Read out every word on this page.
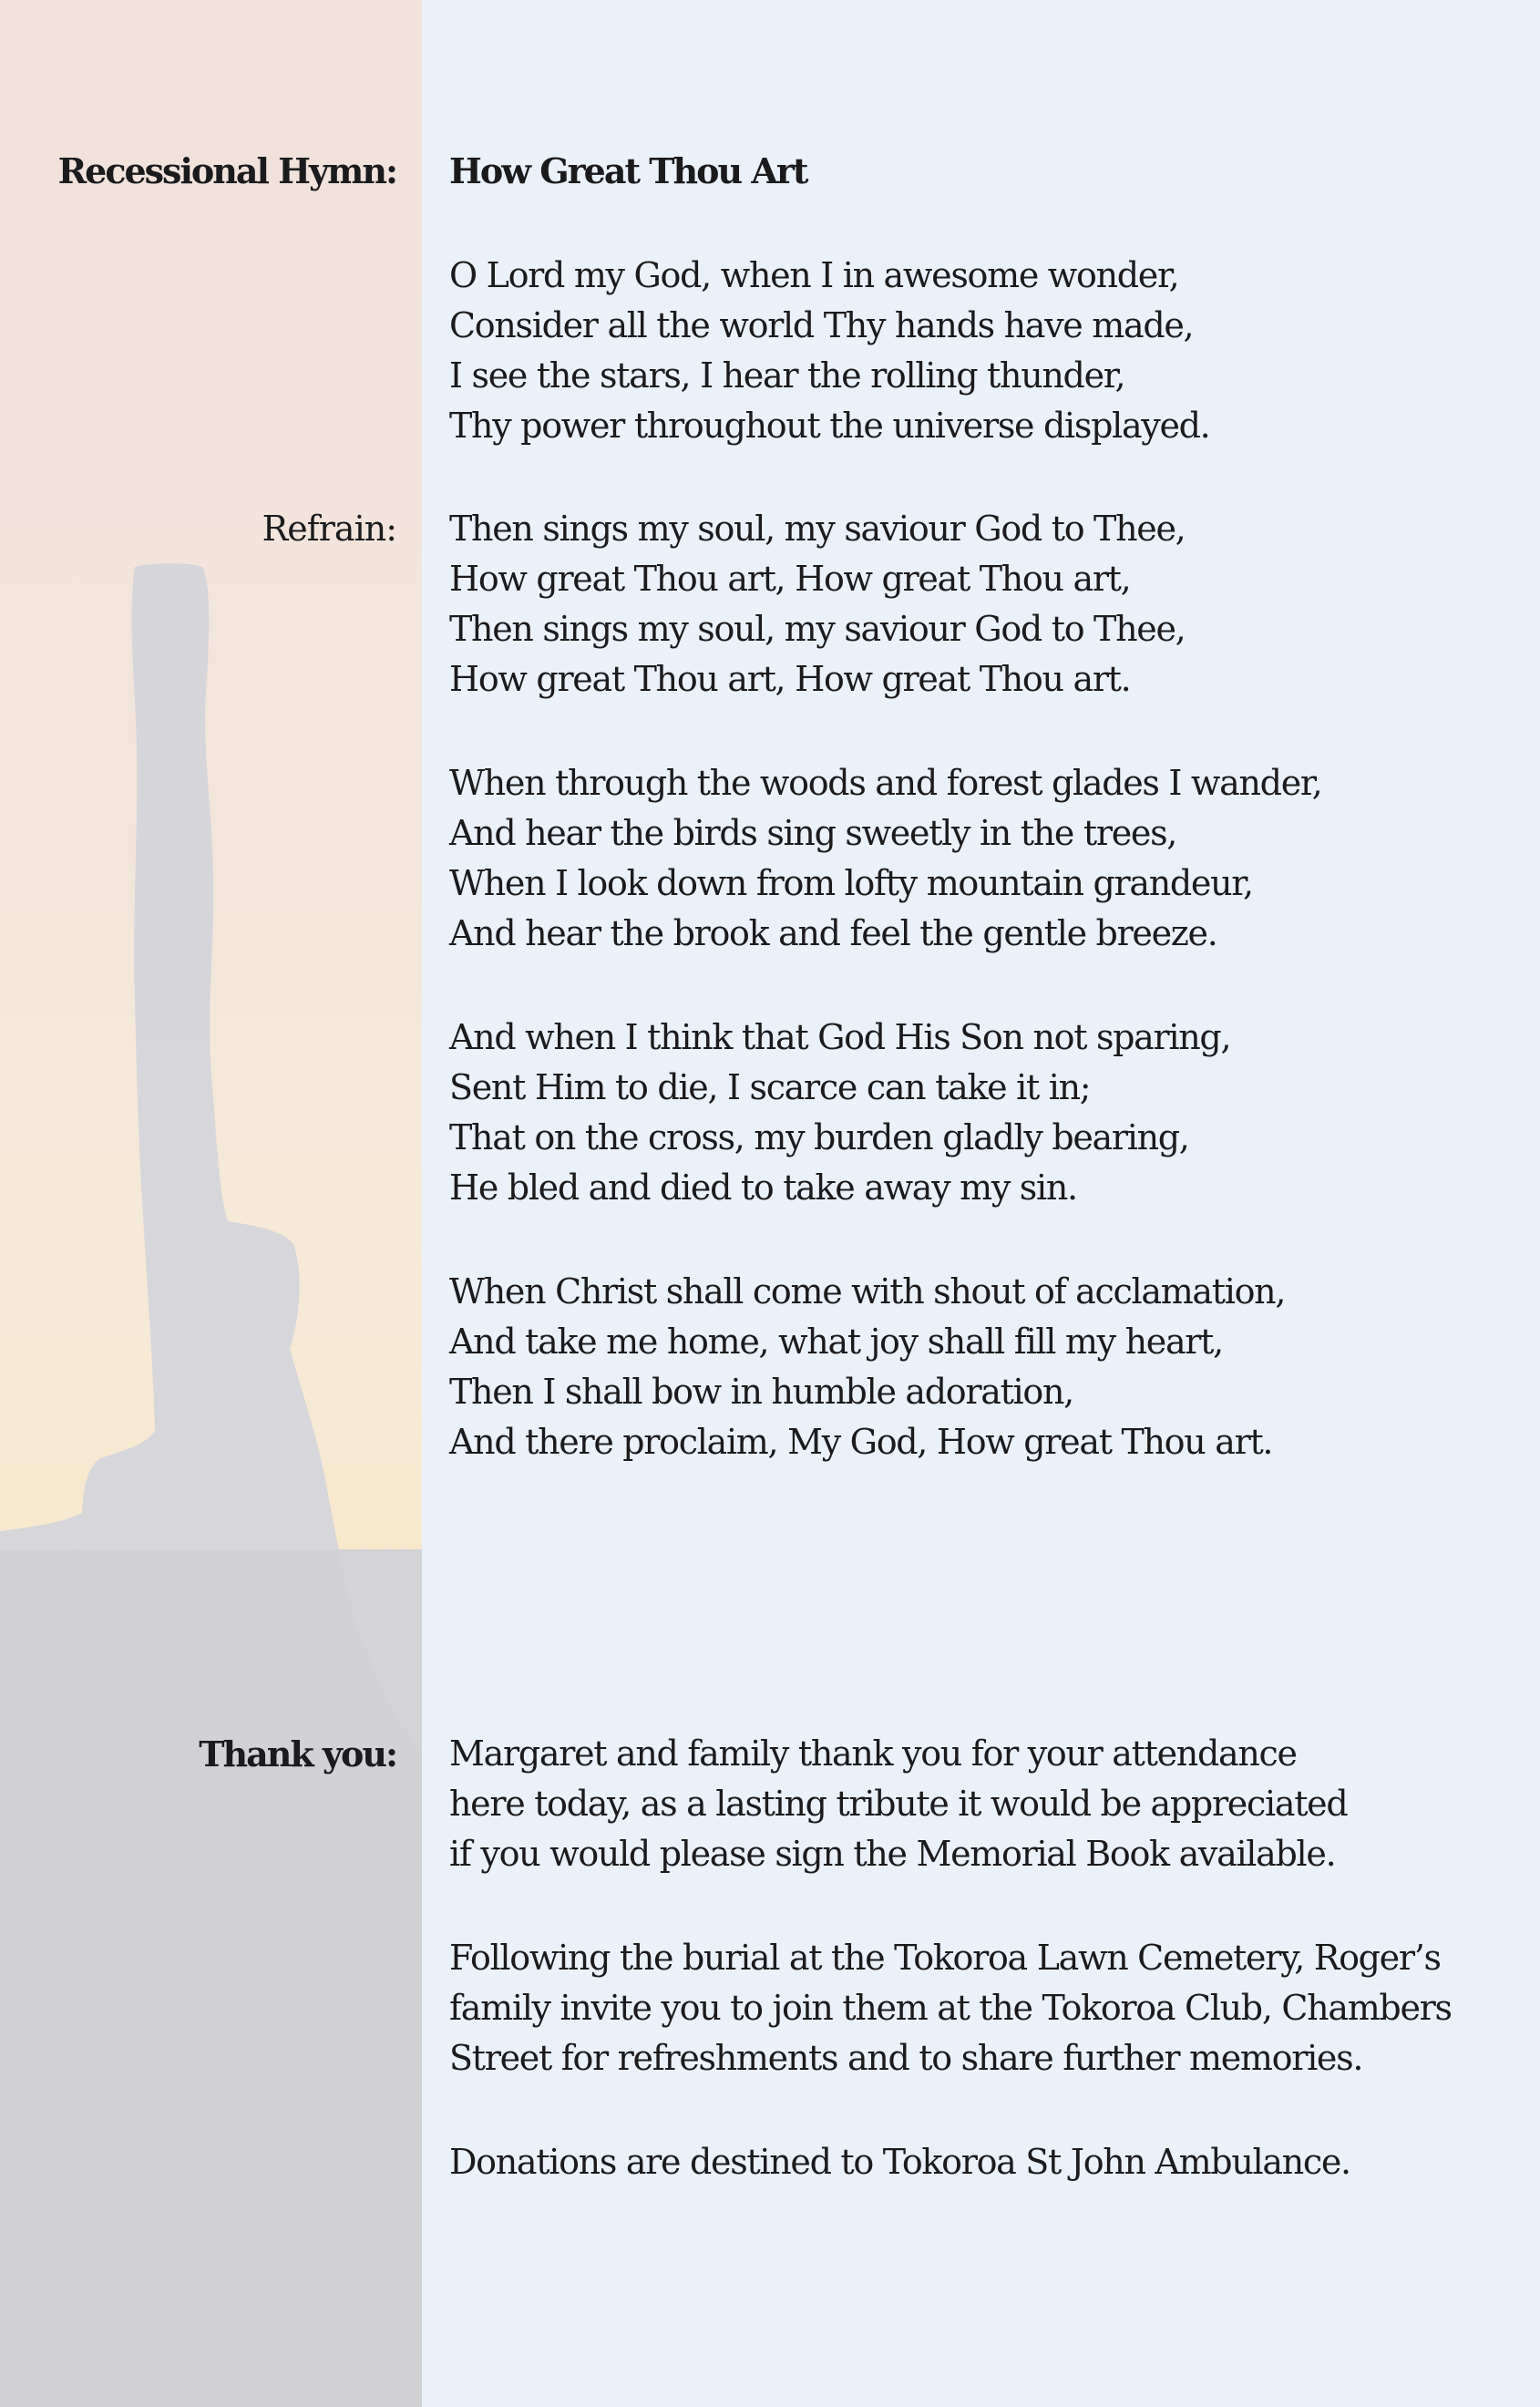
Recessional Hymn:
Refrain:
Thank you:
How Great Thou Art
O Lord my God, when I in awesome wonder,
Consider all the world Thy hands have made,
I see the stars, I hear the rolling thunder,
Thy power throughout the universe displayed.
Then sings my soul, my saviour God to Thee,
How great Thou art, How great Thou art,
Then sings my soul, my saviour God to Thee,
How great Thou art, How great Thou art.
When through the woods and forest glades I wander,
And hear the birds sing sweetly in the trees,
When I look down from lofty mountain grandeur,
And hear the brook and feel the gentle breeze.
And when I think that God His Son not sparing,
Sent Him to die, I scarce can take it in;
That on the cross, my burden gladly bearing,
He bled and died to take away my sin.
When Christ shall come with shout of acclamation,
And take me home, what joy shall fill my heart,
Then I shall bow in humble adoration,
And there proclaim, My God, How great Thou art.
Margaret and family thank you for your attendance
here today, as a lasting tribute it would be appreciated
if you would please sign the Memorial Book available.
Following the burial at the Tokoroa Lawn Cemetery, Roger’s
family invite you to join them at the Tokoroa Club, Chambers
Street for refreshments and to share further memories.
Donations are destined to Tokoroa St John Ambulance.
